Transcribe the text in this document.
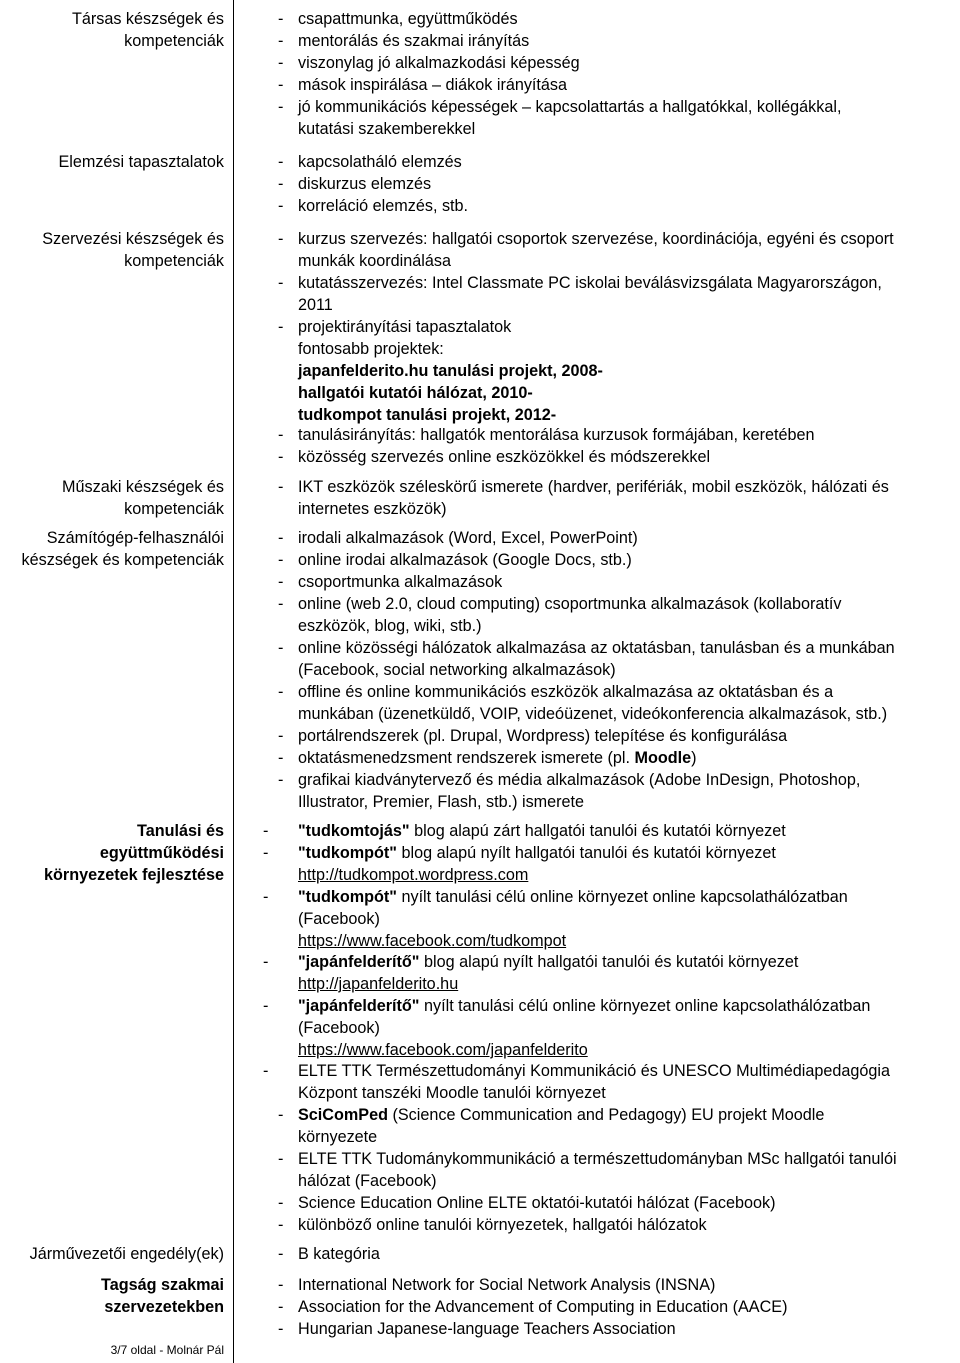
Társas készségek és
kompetenciák
- csapattmunka, együttműködés
- mentorálás és szakmai irányítás
- viszonylag jó alkalmazkodási képesség
- mások inspirálása – diákok irányítása
- jó kommunikációs képességek – kapcsolattartás a hallgatókkal, kollégákkal,
kutatási szakemberekkel
Elemzési tapasztalatok	- kapcsolatháló elemzés
- diskurzus elemzés
- korreláció elemzés, stb.
Szervezési készségek és
kompetenciák
- kurzus szervezés: hallgatói csoportok szervezése, koordinációja, egyéni és csoport
munkák koordinálása
- kutatásszervezés: Intel Classmate PC iskolai beválásvizsgálata Magyarországon,
2011
- projektirányítási tapasztalatok
fontosabb projektek:
japanfelderito.hu tanulási projekt, 2008-
hallgatói kutatói hálózat, 2010-
tudkompot tanulási projekt, 2012-
- tanulásirányítás: hallgatók mentorálása kurzusok formájában, keretében
- közösség szervezés online eszközökkel és módszerekkel
Műszaki készségek és
kompetenciák
- IKT eszközök széleskörű ismerete (hardver, perifériák, mobil eszközök, hálózati és
internetes eszközök)
Számítógép-felhasználói
készségek és kompetenciák
- irodali alkalmazások (Word, Excel, PowerPoint)
- online irodai alkalmazások (Google Docs, stb.)
- csoportmunka alkalmazások
- online (web 2.0, cloud computing) csoportmunka alkalmazások (kollaboratív
eszközök, blog, wiki, stb.)
- online közösségi hálózatok alkalmazása az oktatásban, tanulásban és a munkában
(Facebook, social networking alkalmazások)
- offline és online kommunikációs eszközök alkalmazása az oktatásban és a
munkában (üzenetküldő, VOIP, videóüzenet, videókonferencia alkalmazások, stb.)
- portálrendszerek (pl. Drupal, Wordpress) telepítése és konfigurálása
- oktatásmenedzsment rendszerek ismerete (pl. Moodle)
- grafikai kiadványtervező és média alkalmazások (Adobe InDesign, Photoshop,
Illustrator, Premier, Flash, stb.) ismerete
Tanulási és
együttműködési
környezetek fejlesztése
- "tudkomtojás" blog alapú zárt hallgatói tanulói és kutatói környezet
- "tudkompót" blog alapú nyílt hallgatói tanulói és kutatói környezet
http://tudkompot.wordpress.com
- "tudkompót" nyílt tanulási célú online környezet online kapcsolathálózatban
(Facebook)
https://www.facebook.com/tudkompot
- "japánfelderítő" blog alapú nyílt hallgatói tanulói és kutatói környezet
http://japanfelderito.hu
- "japánfelderítő" nyílt tanulási célú online környezet online kapcsolathálózatban
(Facebook)
https://www.facebook.com/japanfelderito
- ELTE TTK Természettudományi Kommunikáció és UNESCO Multimédiapedagógia
Központ tanszéki Moodle tanulói környezet
- SciComPed (Science Communication and Pedagogy) EU projekt Moodle
környezete
- ELTE TTK Tudománykommunikáció a természettudományban MSc hallgatói tanulói
hálózat (Facebook)
- Science Education Online ELTE oktatói-kutatói hálózat (Facebook)
- különböző online tanulói környezetek, hallgatói hálózatok
Járművezetői engedély(ek)	- B kategória
Tagság szakmai
szervezetekben
- International Network for Social Network Analysis (INSNA)
- Association for the Advancement of Computing in Education (AACE)
- Hungarian Japanese-language Teachers Association
3/7 oldal - Molnár Pál
